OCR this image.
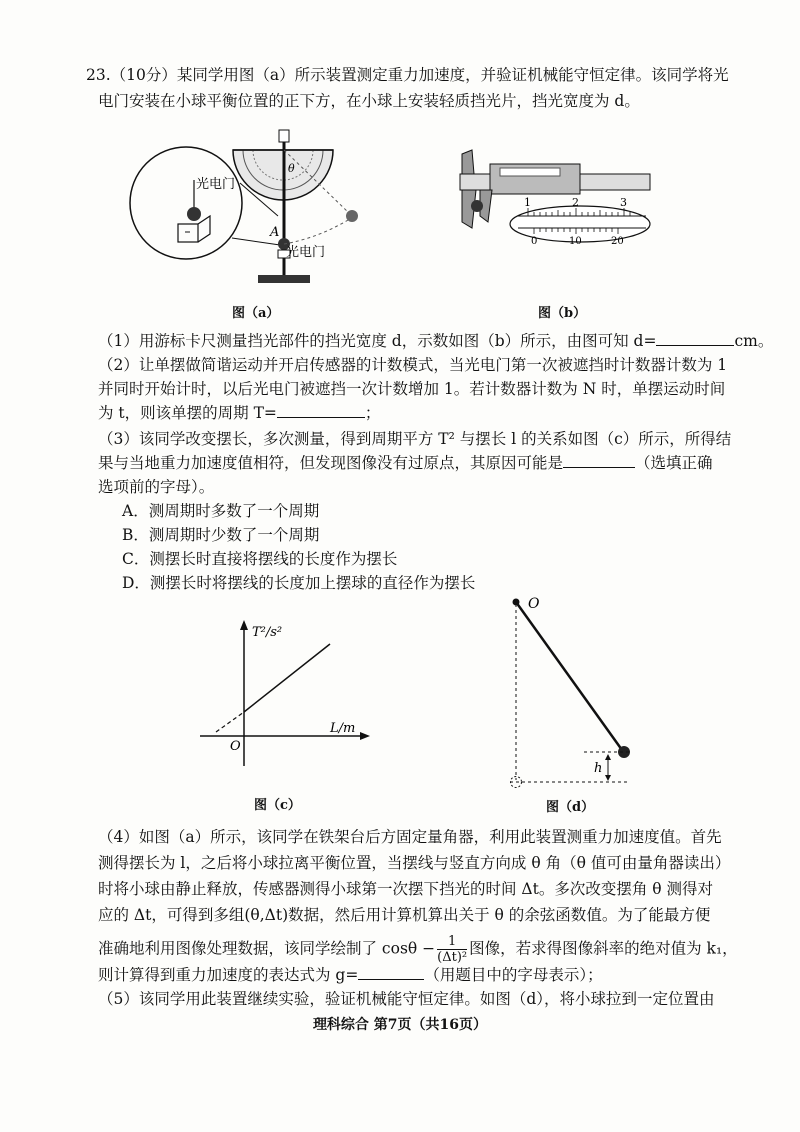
23.（10分）某同学用图（a）所示装置测定重力加速度，并验证机械能守恒定律。该同学将光
电门安装在小球平衡位置的正下方，在小球上安装轻质挡光片，挡光宽度为 d。
光电门
光电门
A
θ
图（a）
1	2	3
0	10	20
图（b）
（1）用游标卡尺测量挡光部件的挡光宽度 d，示数如图（b）所示，由图可知 d=	cm。
（2）让单摆做简谐运动并开启传感器的计数模式，当光电门第一次被遮挡时计数器计数为 1
并同时开始计时，以后光电门被遮挡一次计数增加 1。若计数器计数为 N 时，单摆运动时间
为 t，则该单摆的周期 T=	；
（3）该同学改变摆长，多次测量，得到周期平方 T² 与摆长 l 的关系如图（c）所示，所得结
果与当地重力加速度值相符，但发现图像没有过原点，其原因可能是	（选填正确
选项前的字母）。
A．测周期时多数了一个周期
B．测周期时少数了一个周期
C．测摆长时直接将摆线的长度作为摆长
D．测摆长时将摆线的长度加上摆球的直径作为摆长
T²/s²
L/m
O
图（c）
O
h
图（d）
（4）如图（a）所示，该同学在铁架台后方固定量角器，利用此装置测重力加速度值。首先
测得摆长为 l，之后将小球拉离平衡位置，当摆线与竖直方向成 θ 角（θ 值可由量角器读出）
时将小球由静止释放，传感器测得小球第一次摆下挡光的时间 Δt。多次改变摆角 θ 测得对
应的 Δt，可得到多组(θ,Δt)数据，然后用计算机算出关于 θ 的余弦函数值。为了能最方便
准确地利用图像处理数据，该同学绘制了 $\cos\theta - \frac{1}{\text{(Δt)²}}$ 图像，若求得图像斜率的绝对值为 k₁，
则计算得到重力加速度的表达式为 g=	（用题目中的字母表示）；
（5）该同学用此装置继续实验，验证机械能守恒定律。如图（d），将小球拉到一定位置由
理科综合 第7页（共16页）
